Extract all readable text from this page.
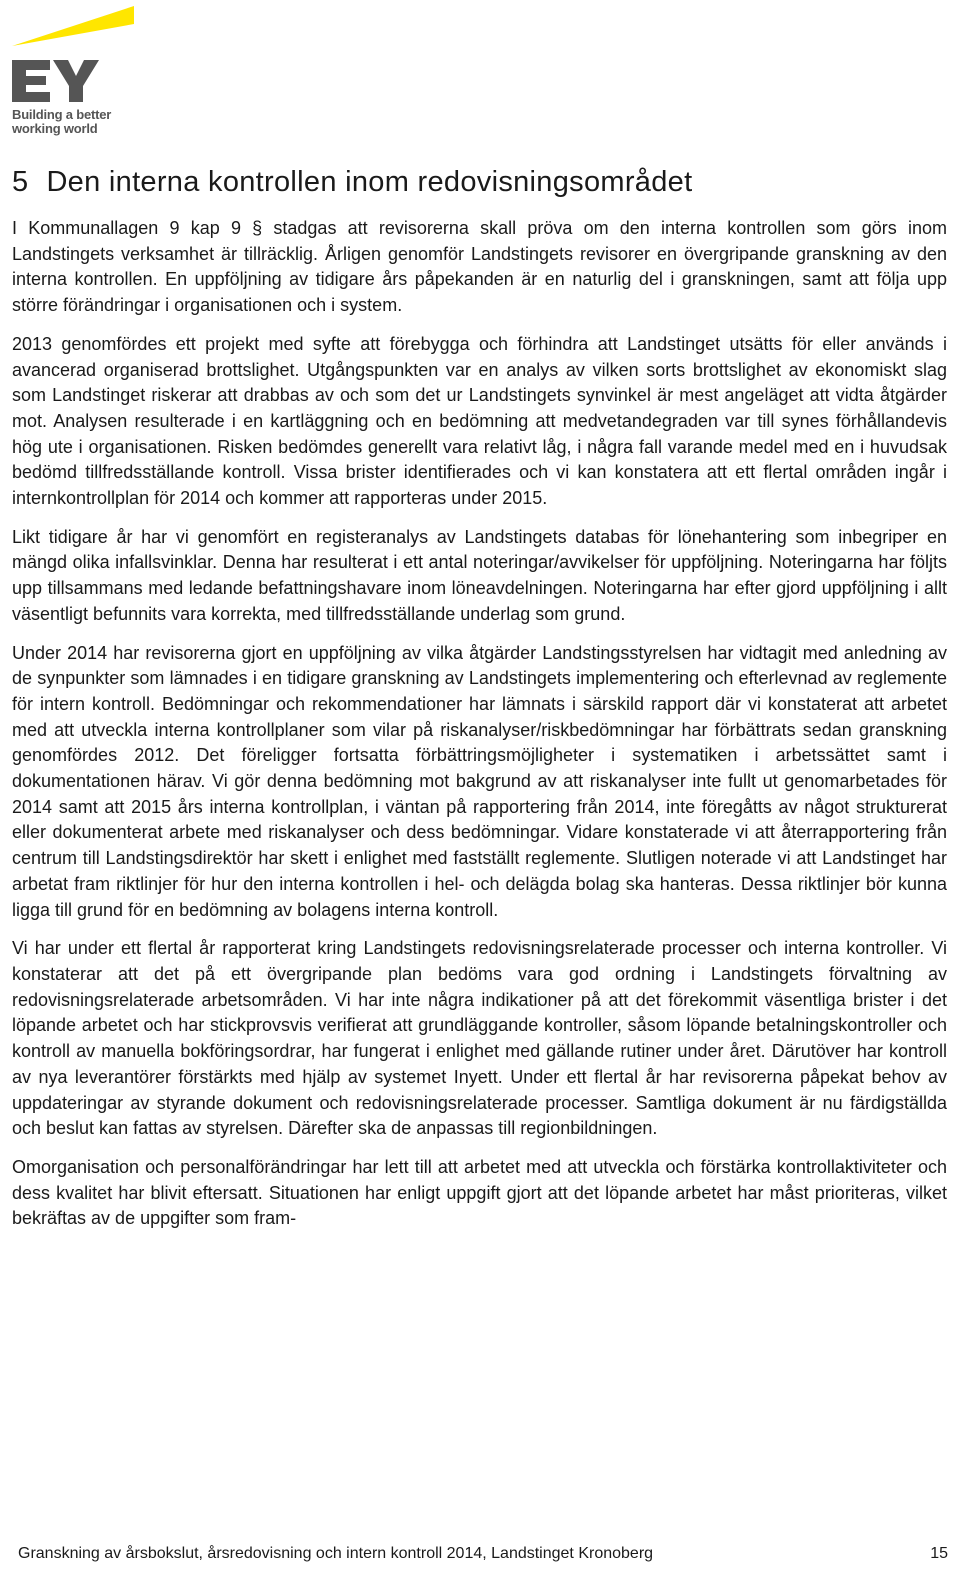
Building a better
working world
5 Den interna kontrollen inom redovisningsområdet

I Kommunallagen 9 kap 9 § stadgas att revisorerna skall pröva om den interna kontrollen som görs inom Landstingets verksamhet är tillräcklig. Årligen genomför Landstingets revisorer en övergripande granskning av den interna kontrollen. En uppföljning av tidigare års påpekanden är en naturlig del i granskningen, samt att följa upp större förändringar i organisationen och i system.

2013 genomfördes ett projekt med syfte att förebygga och förhindra att Landstinget utsätts för eller används i avancerad organiserad brottslighet. Utgångspunkten var en analys av vilken sorts brottslighet av ekonomiskt slag som Landstinget riskerar att drabbas av och som det ur Landstingets synvinkel är mest angeläget att vidta åtgärder mot. Analysen resulterade i en kartläggning och en bedömning att medvetandegraden var till synes förhållandevis hög ute i organisationen. Risken bedömdes generellt vara relativt låg, i några fall varande medel med en i huvudsak bedömd tillfredsställande kontroll. Vissa brister identifierades och vi kan konstatera att ett flertal områden ingår i internkontrollplan för 2014 och kommer att rapporteras under 2015.

Likt tidigare år har vi genomfört en registeranalys av Landstingets databas för lönehantering som inbegriper en mängd olika infallsvinklar. Denna har resulterat i ett antal noteringar/avvikelser för uppföljning. Noteringarna har följts upp tillsammans med ledande befattningshavare inom löneavdelningen. Noteringarna har efter gjord uppföljning i allt väsentligt befunnits vara korrekta, med tillfredsställande underlag som grund.

Under 2014 har revisorerna gjort en uppföljning av vilka åtgärder Landstingsstyrelsen har vidtagit med anledning av de synpunkter som lämnades i en tidigare granskning av Landstingets implementering och efterlevnad av reglemente för intern kontroll. Bedömningar och rekommendationer har lämnats i särskild rapport där vi konstaterat att arbetet med att utveckla interna kontrollplaner som vilar på riskanalyser/riskbedömningar har förbättrats sedan granskning genomfördes 2012. Det föreligger fortsatta förbättringsmöjligheter i systematiken i arbetssättet samt i dokumentationen härav. Vi gör denna bedömning mot bakgrund av att riskanalyser inte fullt ut genomarbetades för 2014 samt att 2015 års interna kontrollplan, i väntan på rapportering från 2014, inte föregåtts av något strukturerat eller dokumenterat arbete med riskanalyser och dess bedömningar. Vidare konstaterade vi att återrapportering från centrum till Landstingsdirektör har skett i enlighet med fastställt reglemente. Slutligen noterade vi att Landstinget har arbetat fram riktlinjer för hur den interna kontrollen i hel- och delägda bolag ska hanteras. Dessa riktlinjer bör kunna ligga till grund för en bedömning av bolagens interna kontroll.

Vi har under ett flertal år rapporterat kring Landstingets redovisningsrelaterade processer och interna kontroller. Vi konstaterar att det på ett övergripande plan bedöms vara god ordning i Landstingets förvaltning av redovisningsrelaterade arbetsområden. Vi har inte några indikationer på att det förekommit väsentliga brister i det löpande arbetet och har stickprovsvis verifierat att grundläggande kontroller, såsom löpande betalningskontroller och kontroll av manuella bokföringsordrar, har fungerat i enlighet med gällande rutiner under året. Därutöver har kontroll av nya leverantörer förstärkts med hjälp av systemet Inyett. Under ett flertal år har revisorerna påpekat behov av uppdateringar av styrande dokument och redovisningsrelaterade processer. Samtliga dokument är nu färdigställda och beslut kan fattas av styrelsen. Därefter ska de anpassas till regionbildningen.

Omorganisation och personalförändringar har lett till att arbetet med att utveckla och förstärka kontrollaktiviteter och dess kvalitet har blivit eftersatt. Situationen har enligt uppgift gjort att det löpande arbetet har måst prioriteras, vilket bekräftas av de uppgifter som fram-

Granskning av årsbokslut, årsredovisning och intern kontroll 2014, Landstinget Kronoberg	15
